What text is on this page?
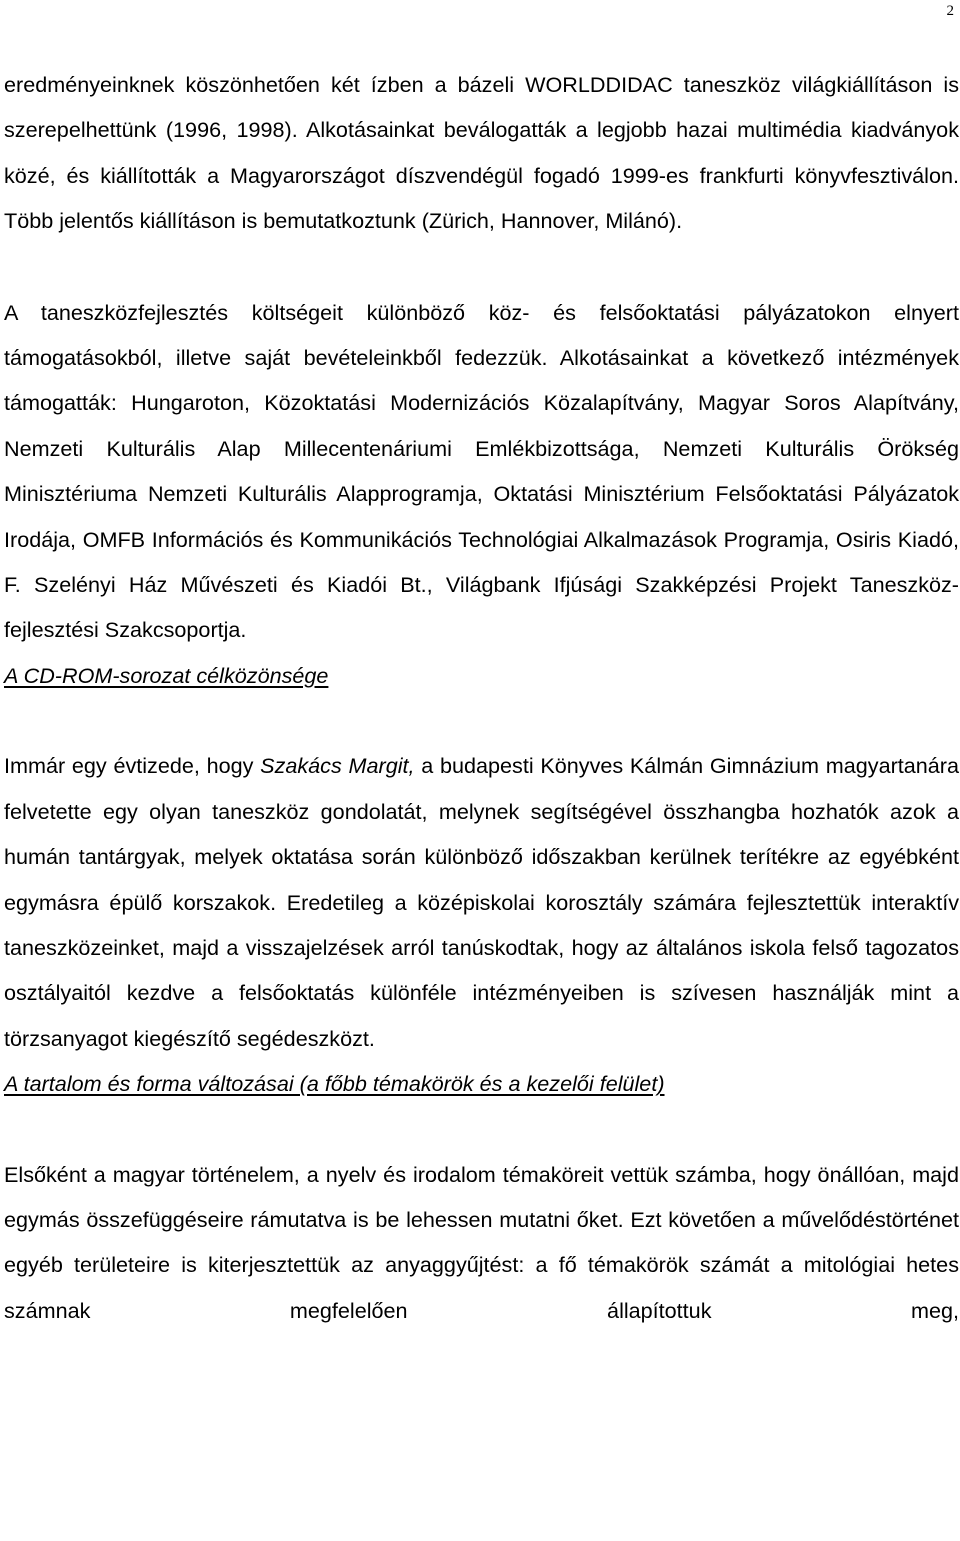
2

eredményeinknek köszönhetően két ízben a bázeli WORLDDIDAC taneszköz világkiállításon is szerepelhettünk (1996, 1998). Alkotásainkat beválogatták a legjobb hazai multimédia kiadványok közé, és kiállították a Magyarországot díszvendégül fogadó 1999-es frankfurti könyvfesztiválon. Több jelentős kiállításon is bemutatkoztunk (Zürich, Hannover, Milánó).

A taneszközfejlesztés költségeit különböző köz- és felsőoktatási pályázatokon elnyert támogatásokból, illetve saját bevételeinkből fedezzük. Alkotásainkat a következő intézmények támogatták: Hungaroton, Közoktatási Modernizációs Közalapítvány, Magyar Soros Alapítvány, Nemzeti Kulturális Alap Millecentenáriumi Emlékbizottsága, Nemzeti Kulturális Örökség Minisztériuma Nemzeti Kulturális Alapprogramja, Oktatási Minisztérium Felsőoktatási Pályázatok Irodája, OMFB Információs és Kommunikációs Technológiai Alkalmazások Programja, Osiris Kiadó, F. Szelényi Ház Művészeti és Kiadói Bt., Világbank Ifjúsági Szakképzési Projekt Taneszköz-fejlesztési Szakcsoportja.

A CD-ROM-sorozat célközönsége

Immár egy évtizede, hogy Szakács Margit, a budapesti Könyves Kálmán Gimnázium magyartanára felvetette egy olyan taneszköz gondolatát, melynek segítségével összhangba hozhatók azok a humán tantárgyak, melyek oktatása során különböző időszakban kerülnek terítékre az egyébként egymásra épülő korszakok. Eredetileg a középiskolai korosztály számára fejlesztettük interaktív taneszközeinket, majd a visszajelzések arról tanúskodtak, hogy az általános iskola felső tagozatos osztályaitól kezdve a felsőoktatás különféle intézményeiben is szívesen használják mint a törzsanyagot kiegészítő segédeszközt.

A tartalom és forma változásai (a főbb témakörök és a kezelői felület)

Elsőként a magyar történelem, a nyelv és irodalom témaköreit vettük számba, hogy önállóan, majd egymás összefüggéseire rámutatva is be lehessen mutatni őket. Ezt követően a művelődéstörténet egyéb területeire is kiterjesztettük az anyaggyűjtést: a fő témakörök számát a mitológiai hetes számnak megfelelően állapítottuk meg,
